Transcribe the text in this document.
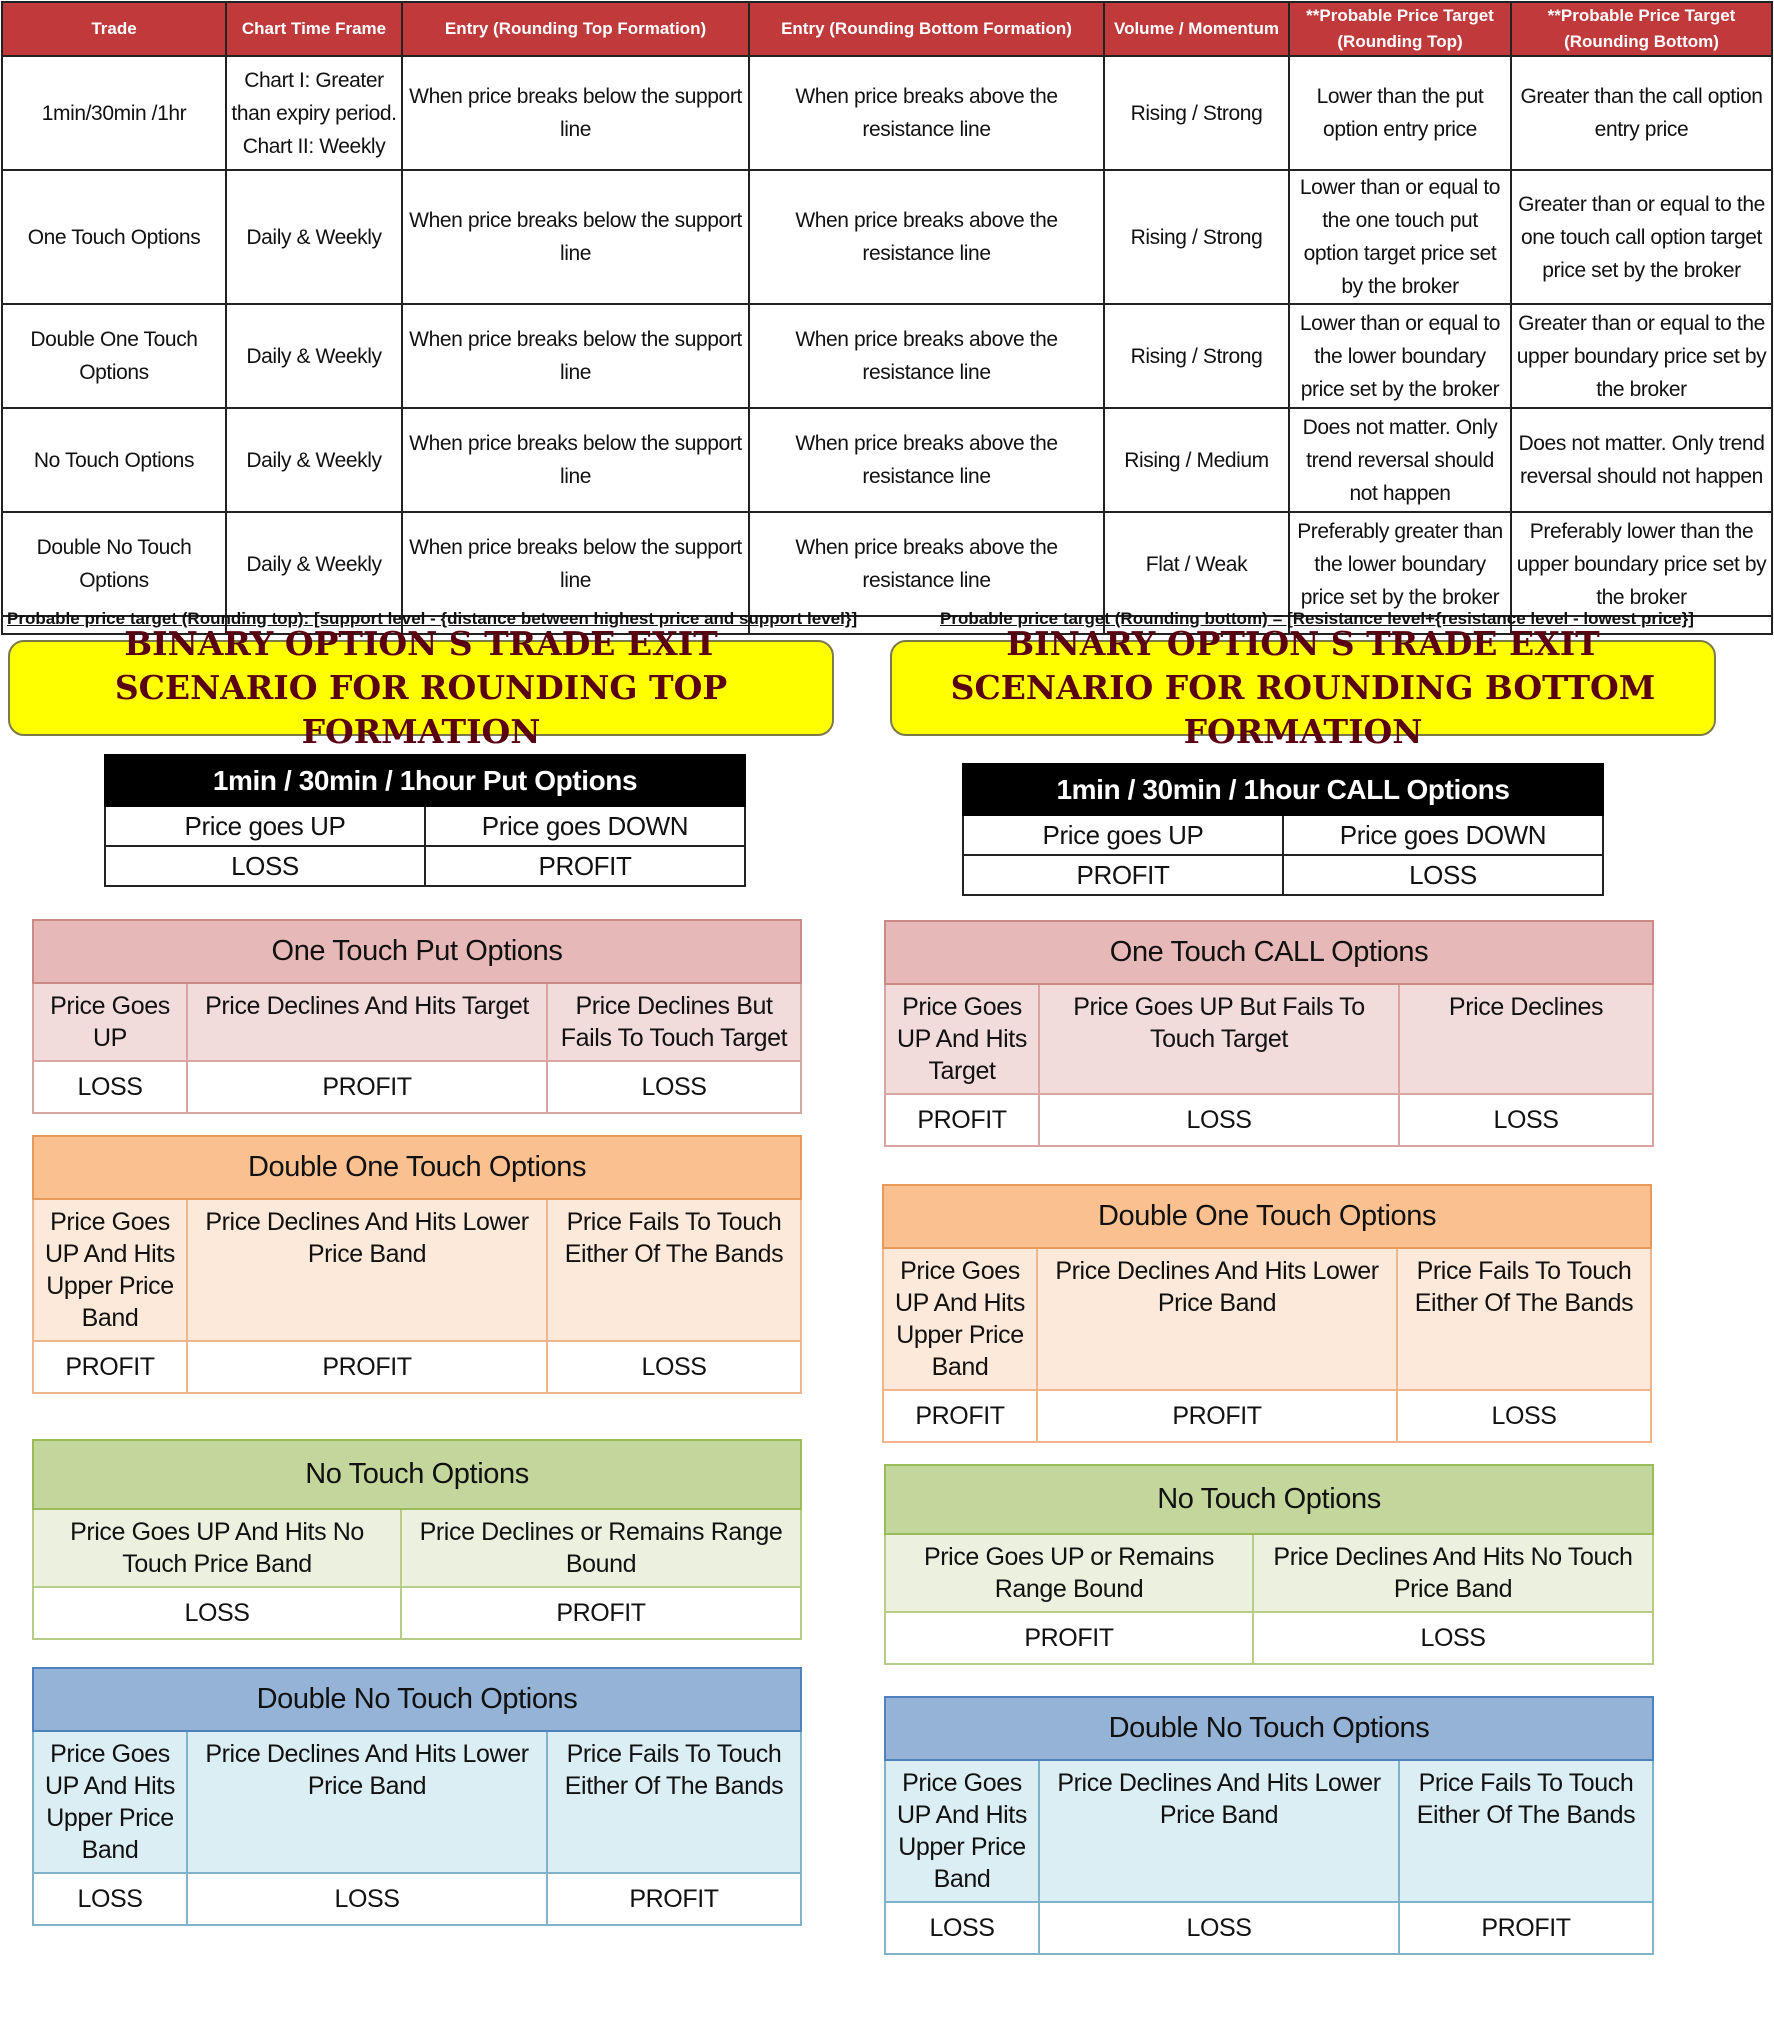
Trade	Chart Time Frame	Entry (Rounding Top Formation)	Entry (Rounding Bottom Formation)	Volume / Momentum	**Probable Price Target (Rounding Top)	**Probable Price Target (Rounding Bottom)
1min/30min /1hr	Chart I: Greater than expiry period. Chart II: Weekly	When price breaks below the support line	When price breaks above the resistance line	Rising / Strong	Lower than the put option entry price	Greater than the call option entry price
One Touch Options	Daily & Weekly	When price breaks below the support line	When price breaks above the resistance line	Rising / Strong	Lower than or equal to the one touch put option target price set by the broker	Greater than or equal to the one touch call option target price set by the broker
Double One Touch Options	Daily & Weekly	When price breaks below the support line	When price breaks above the resistance line	Rising / Strong	Lower than or equal to the lower boundary price set by the broker	Greater than or equal to the upper boundary price set by the broker
No Touch Options	Daily & Weekly	When price breaks below the support line	When price breaks above the resistance line	Rising / Medium	Does not matter. Only trend reversal should not happen	Does not matter. Only trend reversal should not happen
Double No Touch Options	Daily & Weekly	When price breaks below the support line	When price breaks above the resistance line	Flat / Weak	Preferably greater than the lower boundary price set by the broker	Preferably lower than the upper boundary price set by the broker

Probable price target (Rounding top): [support level - {distance between highest price and support level}]	Probable price target (Rounding bottom) = [Resistance level+{resistance level - lowest price}]
BINARY OPTION S TRADE EXIT SCENARIO FOR ROUNDING TOP FORMATION
BINARY OPTION S TRADE EXIT SCENARIO FOR ROUNDING BOTTOM FORMATION
1min / 30min / 1hour Put Options	
Price goes UP	Price goes DOWN
LOSS	PROFIT
One Touch Put Options		
Price Goes UP	Price Declines And Hits Target	Price Declines But Fails To Touch Target
LOSS	PROFIT	LOSS
Double One Touch Options		
Price Goes UP And Hits Upper Price Band	Price Declines And Hits Lower Price Band	Price Fails To Touch Either Of The Bands
PROFIT	PROFIT	LOSS
No Touch Options	
Price Goes UP And Hits No Touch Price Band	Price Declines or Remains Range Bound
LOSS	PROFIT
Double No Touch Options		
Price Goes UP And Hits Upper Price Band	Price Declines And Hits Lower Price Band	Price Fails To Touch Either Of The Bands
LOSS	LOSS	PROFIT
1min / 30min / 1hour CALL Options	
Price goes UP	Price goes DOWN
PROFIT	LOSS
One Touch CALL Options		
Price Goes UP And Hits Target	Price Goes UP But Fails To Touch Target	Price Declines
PROFIT	LOSS	LOSS
Double One Touch Options		
Price Goes UP And Hits Upper Price Band	Price Declines And Hits Lower Price Band	Price Fails To Touch Either Of The Bands
PROFIT	PROFIT	LOSS
No Touch Options	
Price Goes UP or Remains Range Bound	Price Declines And Hits No Touch Price Band
PROFIT	LOSS
Double No Touch Options		
Price Goes UP And Hits Upper Price Band	Price Declines And Hits Lower Price Band	Price Fails To Touch Either Of The Bands
LOSS	LOSS	PROFIT
